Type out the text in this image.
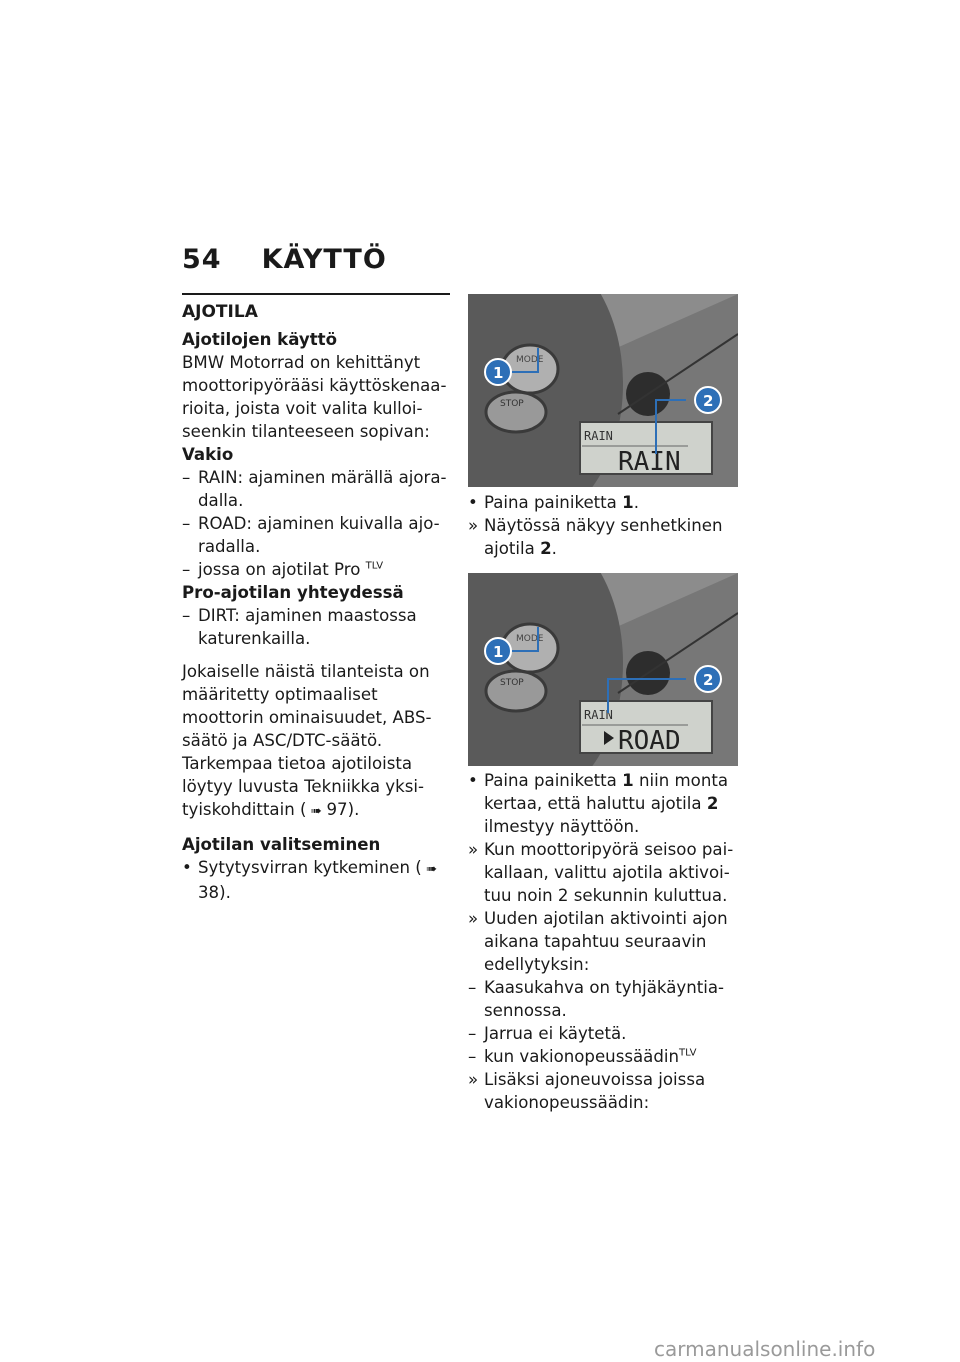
54 KÄYTTÖ

AJOTILA

Ajotilojen käyttö

BMW Motorrad on kehittänyt moottoripyörääsi käyttöskenaa-rioita, joista voit valita kulloi-seenkin tilanteeseen sopivan:

Vakio

– RAIN: ajaminen märällä ajora-dalla.
– ROAD: ajaminen kuivalla ajo-radalla.
– jossa on ajotilat Pro $^{TLV}$

Pro-ajotilan yhteydessä

– DIRT: ajaminen maastossa katurenkailla.

Jokaiselle näistä tilanteista on määritetty optimaaliset moottorin ominaisuudet, ABS-säätö ja ASC/DTC-säätö.

Tarkempaa tietoa ajotiloista löytyy luvusta Tekniikka yksi-tyiskohdittain ( ➠ 97).

Ajotilan valitseminen

• Sytytysvirran kytkeminen ( ➠38).
MODE
STOP
RAIN
RAIN
1
2
• Paina painiketta 1.
» Näytössä näkyy senhetkinen ajotila 2.
MODE
STOP
RAIN
ROAD
1
2
• Paina painiketta 1 niin monta kertaa, että haluttu ajotila 2 ilmestyy näyttöön.
» Kun moottoripyörä seisoo pai-kallaan, valittu ajotila aktivoi-tuu noin 2 sekunnin kuluttua.
» Uuden ajotilan aktivointi ajon aikana tapahtuu seuraavin edellytyksin:
– Kaasukahva on tyhjäkäyntia-sennossa.
– Jarrua ei käytetä.
– kun vakionopeussäädin$^{TLV}$
» Lisäksi ajoneuvoissa joissa vakionopeussäädin:
carmanualsonline.info
